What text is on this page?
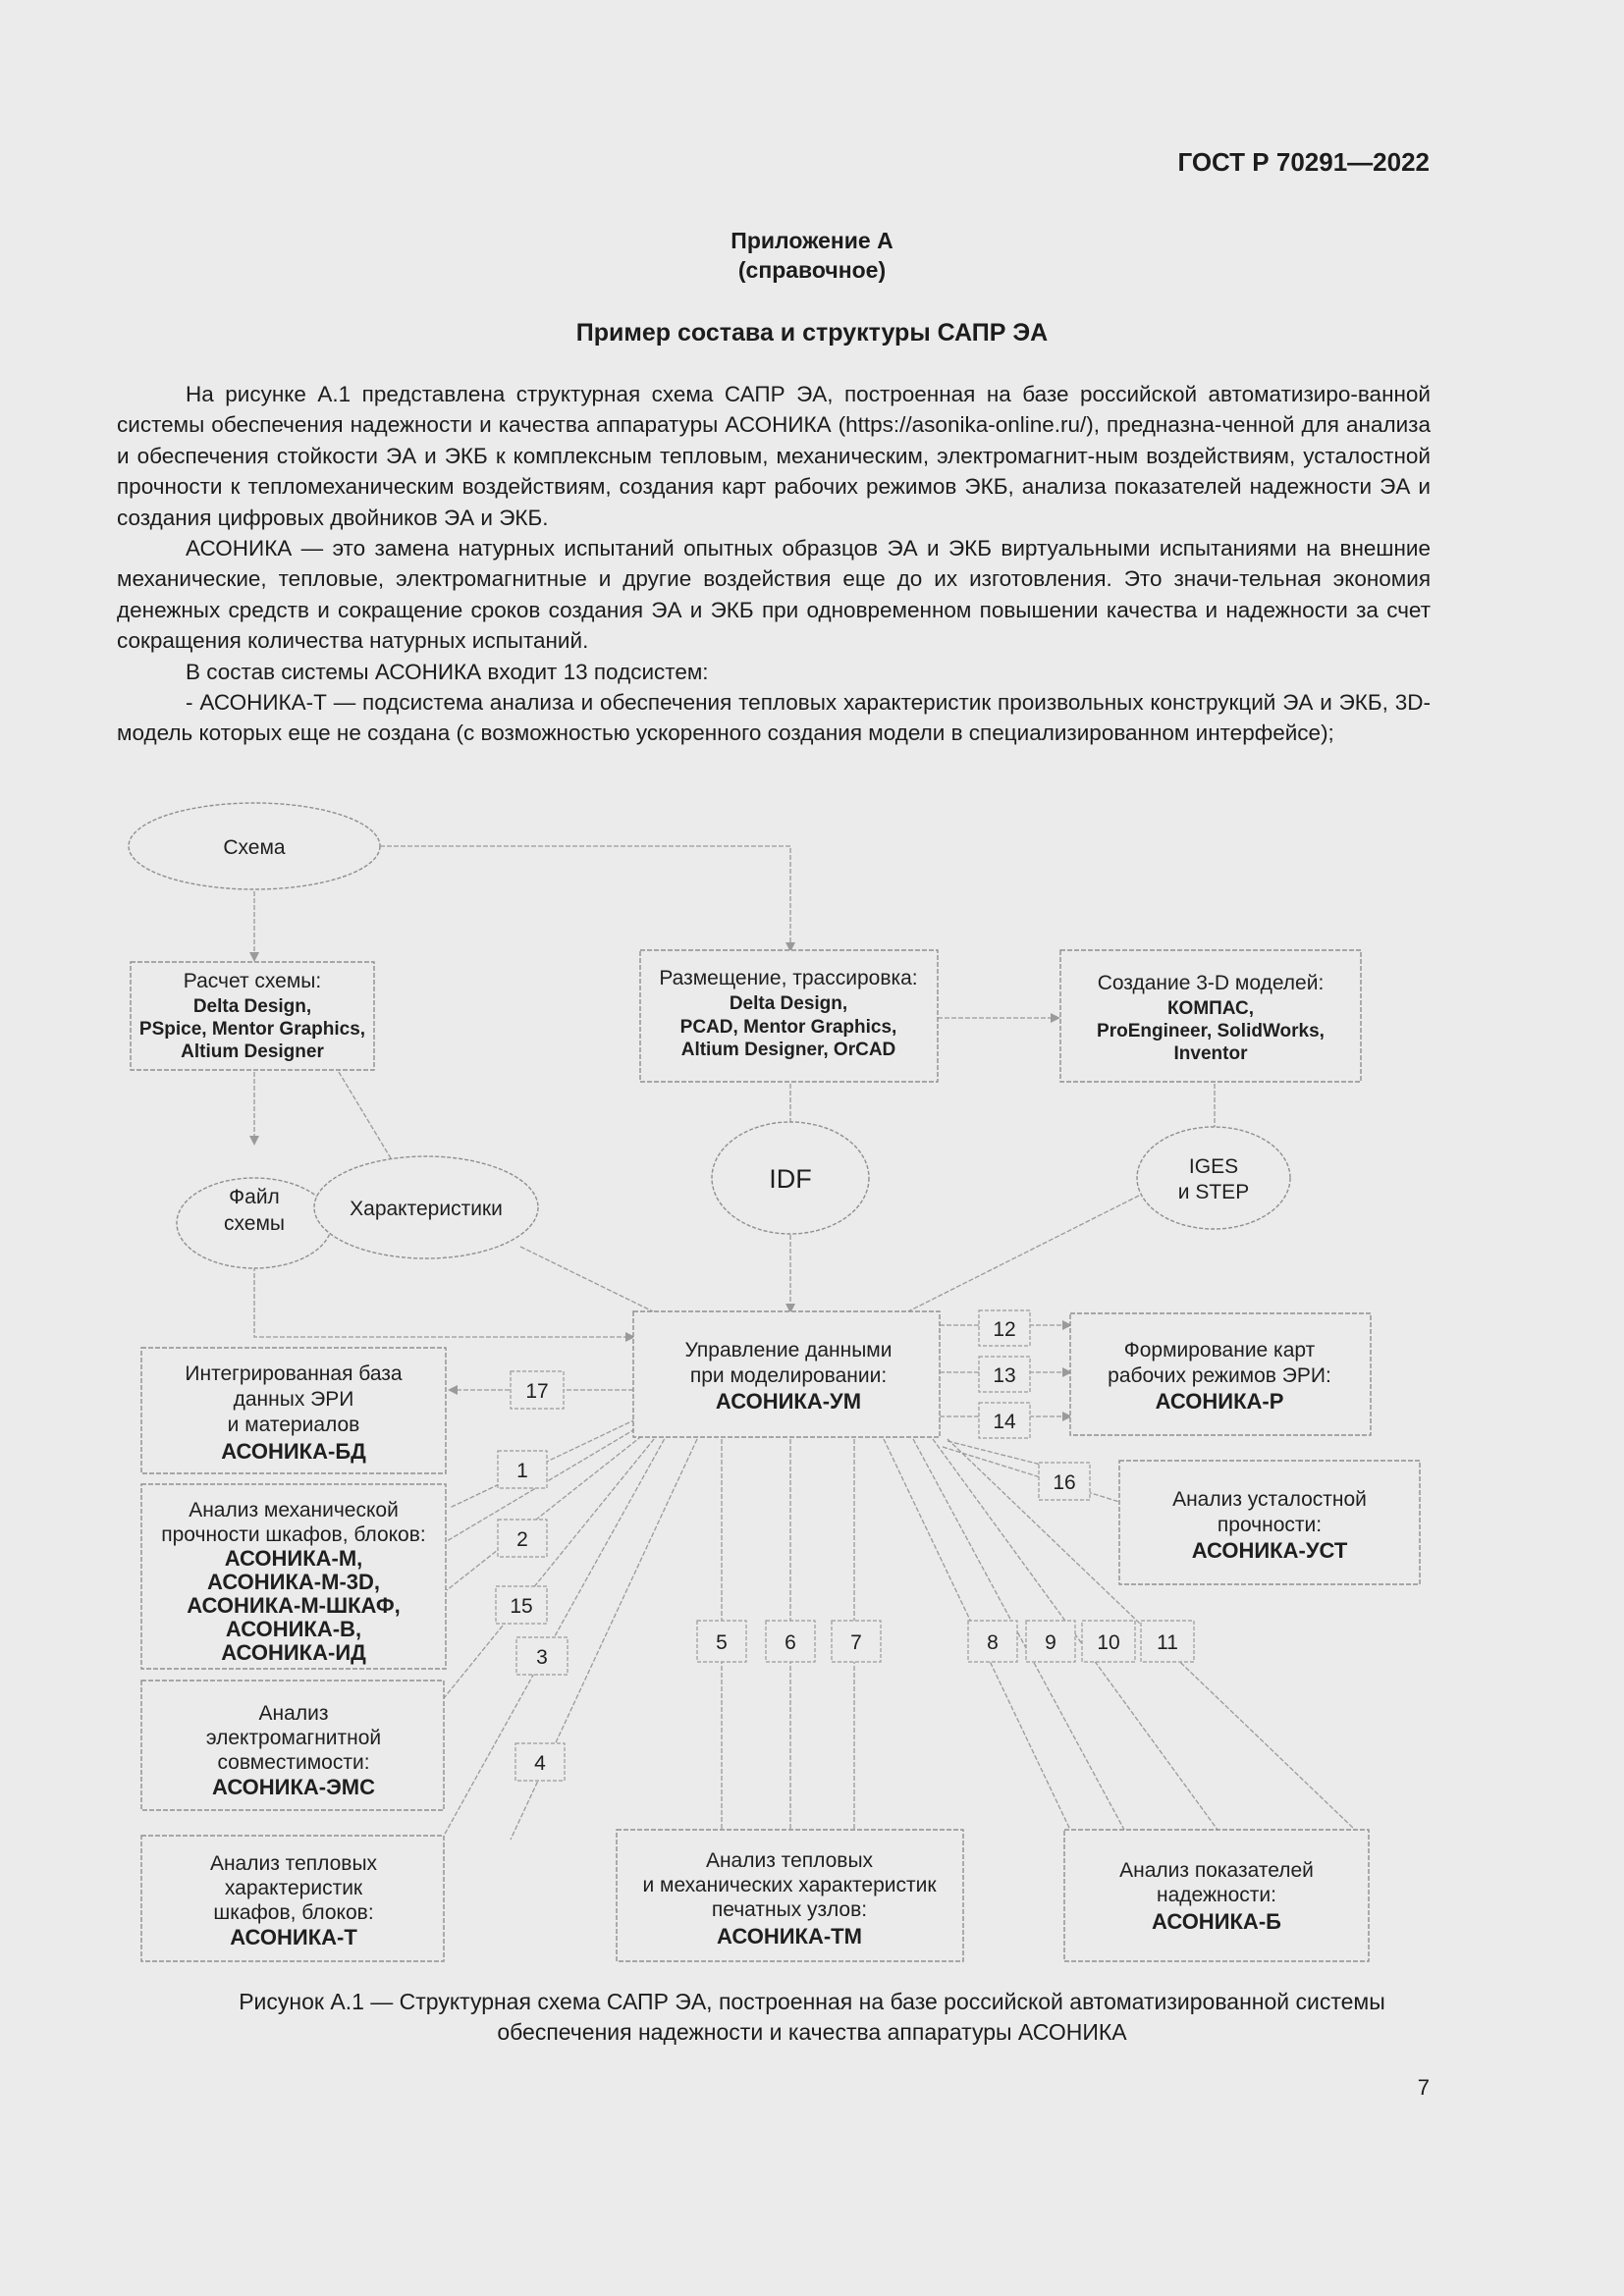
ГОСТ Р 70291—2022
Приложение А
(справочное)
Пример состава и структуры САПР ЭА

На рисунке А.1 представлена структурная схема САПР ЭА, построенная на базе российской автоматизиро-ванной системы обеспечения надежности и качества аппаратуры АСОНИКА (https://asonika-online.ru/), предназна-ченной для анализа и обеспечения стойкости ЭА и ЭКБ к комплексным тепловым, механическим, электромагнит-ным воздействиям, усталостной прочности к тепломеханическим воздействиям, создания карт рабочих режимов ЭКБ, анализа показателей надежности ЭА и создания цифровых двойников ЭА и ЭКБ.

АСОНИКА — это замена натурных испытаний опытных образцов ЭА и ЭКБ виртуальными испытаниями на внешние механические, тепловые, электромагнитные и другие воздействия еще до их изготовления. Это значи-тельная экономия денежных средств и сокращение сроков создания ЭА и ЭКБ при одновременном повышении качества и надежности за счет сокращения количества натурных испытаний.

В состав системы АСОНИКА входит 13 подсистем:

- АСОНИКА-Т — подсистема анализа и обеспечения тепловых характеристик произвольных конструкций ЭА и ЭКБ, 3D-модель которых еще не создана (с возможностью ускоренного создания модели в специализированном интерфейсе);

Схема
Файл
схемы
Характеристики
IDF	IGES
и STEP
Расчет схемы:
Delta Design,
PSpice, Mentor Graphics,
Altium Designer
Размещение, трассировка:
Delta Design,
PCAD, Mentor Graphics,
Altium Designer, OrCAD
Создание 3-D моделей:
КОМПАС,
ProEngineer, SolidWorks,
Inventor
Управление данными
при моделировании:
АСОНИКА-УМ
Интегрированная база
данных ЭРИ
и материалов
АСОНИКА-БД
Анализ механической
прочности шкафов, блоков:
АСОНИКА-М,
АСОНИКА-М-3D,
АСОНИКА-М-ШКАФ,
АСОНИКА-В,
АСОНИКА-ИД
Анализ
электромагнитной
совместимости:
АСОНИКА-ЭМС
Анализ тепловых
характеристик
шкафов, блоков:
АСОНИКА-Т
Анализ тепловых
и механических характеристик
печатных узлов:
АСОНИКА-ТМ
Анализ показателей
надежности:
АСОНИКА-Б
Формирование карт
рабочих режимов ЭРИ:
АСОНИКА-Р
Анализ усталостной
прочности:
АСОНИКА-УСТ
17
12
13
14
1
2
15
3
4
16
5	6	7	8 9 10 11
Рисунок А.1 — Структурная схема САПР ЭА, построенная на базе российской автоматизированной системы
обеспечения надежности и качества аппаратуры АСОНИКА
7
